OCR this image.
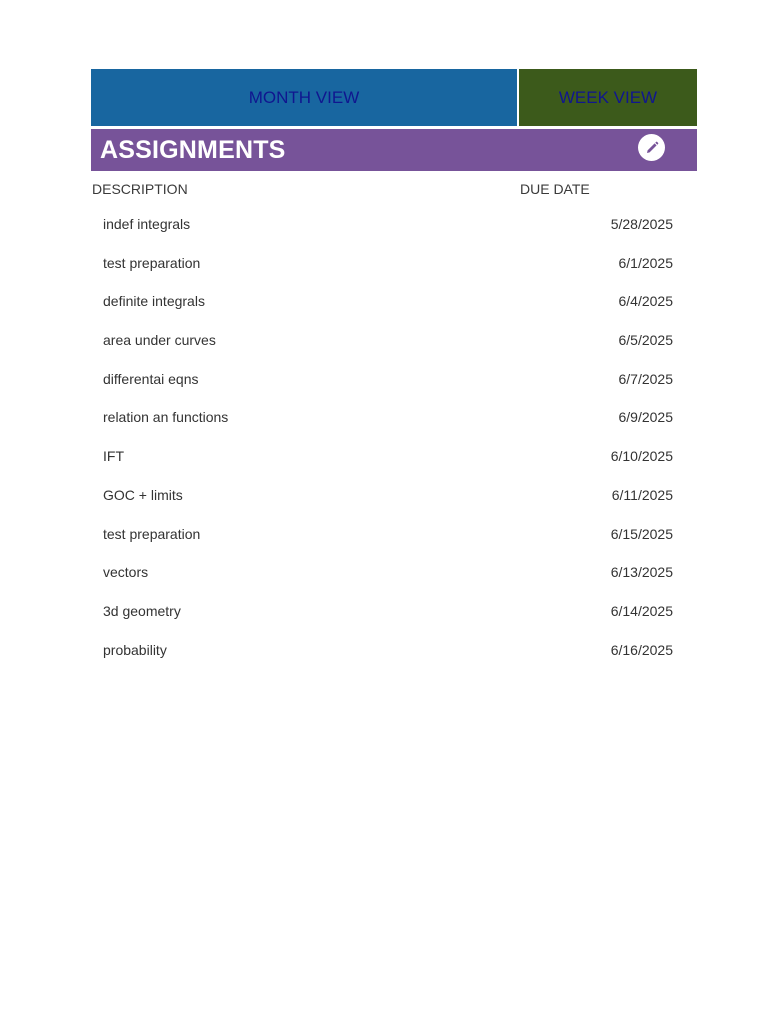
MONTH VIEW	WEEK VIEW
ASSIGNMENTS
DESCRIPTION	DUE DATE
indef integrals	5/28/2025
test preparation	6/1/2025
definite integrals	6/4/2025
area under curves	6/5/2025
differentai eqns	6/7/2025
relation an functions	6/9/2025
IFT	6/10/2025
GOC + limits	6/11/2025
test preparation	6/15/2025
vectors	6/13/2025
3d geometry	6/14/2025
probability	6/16/2025
